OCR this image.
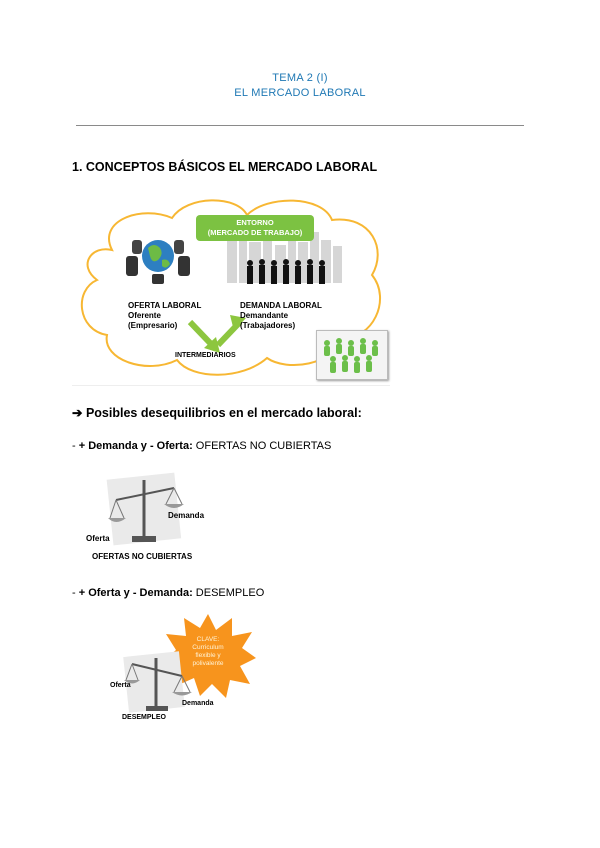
TEMA 2 (I)
EL MERCADO LABORAL
1. CONCEPTOS BÁSICOS EL MERCADO LABORAL
ENTORNO
(MERCADO DE TRABAJO)
OFERTA LABORAL
Oferente
(Empresario)
DEMANDA LABORAL
Demandante
(Trabajadores)
INTERMEDIARIOS
➔ Posibles desequilibrios en el mercado laboral:
- + Demanda y - Oferta: OFERTAS NO CUBIERTAS
Oferta
Demanda
OFERTAS NO CUBIERTAS
- + Oferta y - Demanda: DESEMPLEO
CLAVE:
Curriculum
flexible y
polivalente
Oferta
Demanda
DESEMPLEO
